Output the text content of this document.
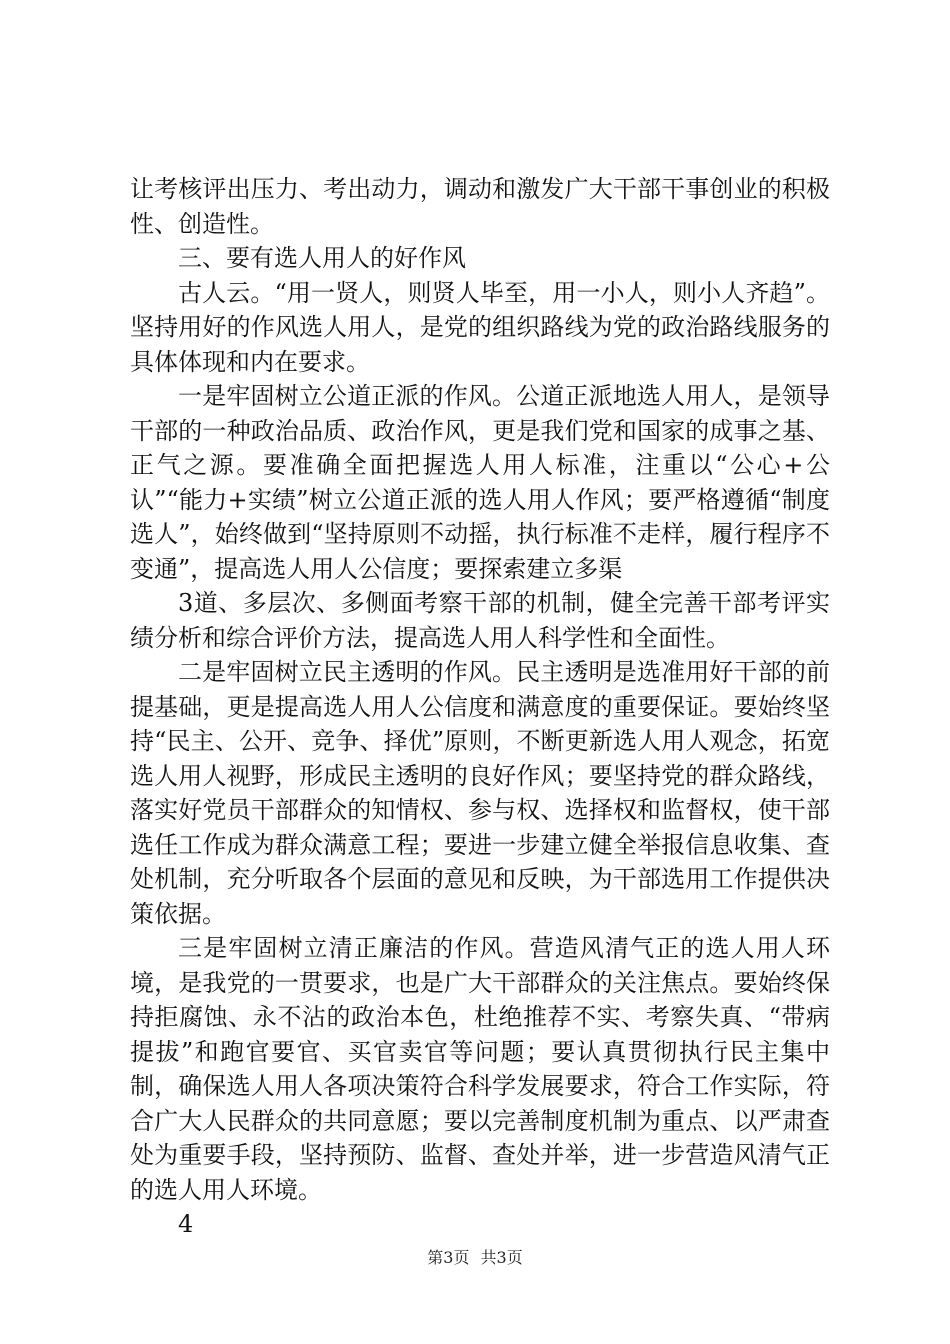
让考核评出压力、考出动力，调动和激发广大干部干事创业的积极性、创造性。

三、要有选人用人的好作风

古人云。“用一贤人，则贤人毕至，用一小人，则小人齐趋”。坚持用好的作风选人用人，是党的组织路线为党的政治路线服务的具体体现和内在要求。

一是牢固树立公道正派的作风。公道正派地选人用人，是领导干部的一种政治品质、政治作风，更是我们党和国家的成事之基、正气之源。要准确全面把握选人用人标准，注重以“公心+公认”“能力+实绩”树立公道正派的选人用人作风；要严格遵循“制度选人”，始终做到“坚持原则不动摇，执行标准不走样，履行程序不变通”，提高选人用人公信度；要探索建立多渠

3道、多层次、多侧面考察干部的机制，健全完善干部考评实绩分析和综合评价方法，提高选人用人科学性和全面性。

二是牢固树立民主透明的作风。民主透明是选准用好干部的前提基础，更是提高选人用人公信度和满意度的重要保证。要始终坚持“民主、公开、竞争、择优”原则，不断更新选人用人观念，拓宽选人用人视野，形成民主透明的良好作风；要坚持党的群众路线，落实好党员干部群众的知情权、参与权、选择权和监督权，使干部选任工作成为群众满意工程；要进一步建立健全举报信息收集、查处机制，充分听取各个层面的意见和反映，为干部选用工作提供决策依据。

三是牢固树立清正廉洁的作风。营造风清气正的选人用人环境，是我党的一贯要求，也是广大干部群众的关注焦点。要始终保持拒腐蚀、永不沾的政治本色，杜绝推荐不实、考察失真、“带病提拔”和跑官要官、买官卖官等问题；要认真贯彻执行民主集中制，确保选人用人各项决策符合科学发展要求，符合工作实际，符合广大人民群众的共同意愿；要以完善制度机制为重点、以严肃查处为重要手段，坚持预防、监督、查处并举，进一步营造风清气正的选人用人环境。

4

第3页 共3页
